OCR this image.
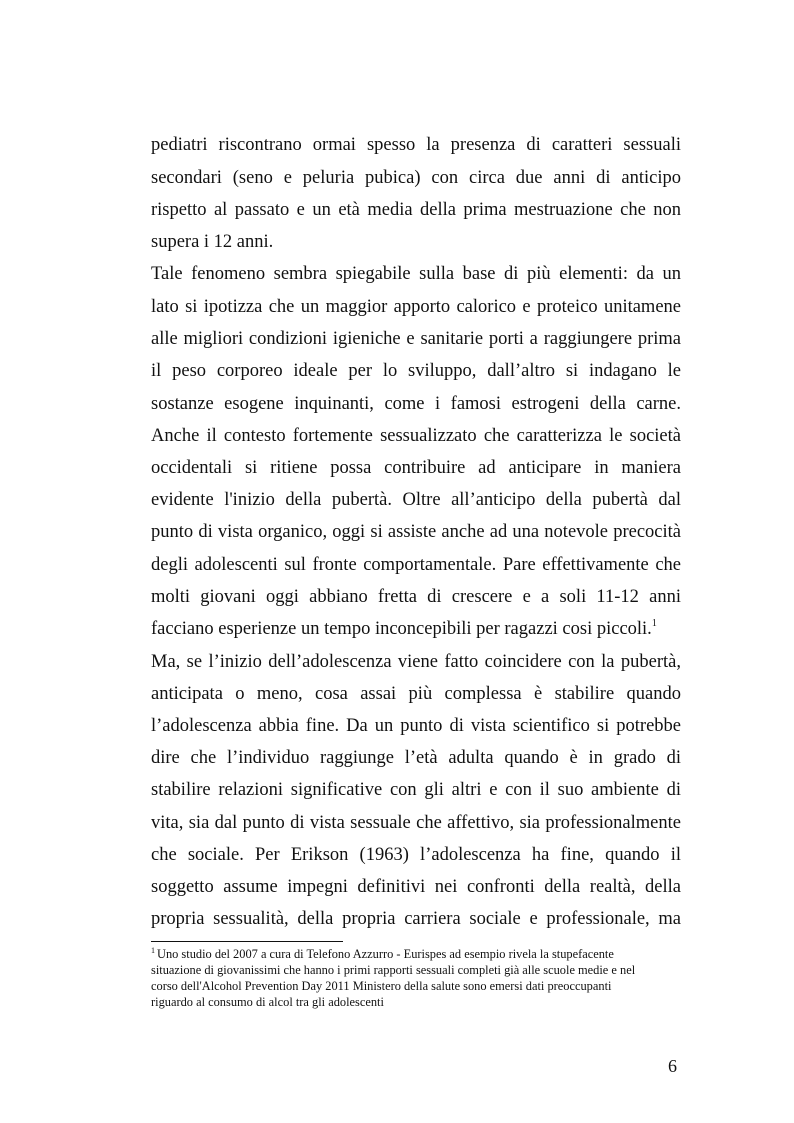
pediatri riscontrano ormai spesso la presenza di caratteri sessuali
secondari (seno e peluria pubica) con circa due anni di anticipo
rispetto al passato e un età media della prima mestruazione che non
supera i 12 anni.
Tale fenomeno sembra spiegabile sulla base di più elementi: da un
lato si ipotizza che un maggior apporto calorico e proteico unitamene
alle migliori condizioni igieniche e sanitarie porti a raggiungere prima
il peso corporeo ideale per lo sviluppo, dall’altro si indagano le
sostanze esogene inquinanti, come i famosi estrogeni della carne.
Anche il contesto fortemente sessualizzato che caratterizza le società
occidentali si ritiene possa contribuire ad anticipare in maniera
evidente l'inizio della pubertà. Oltre all’anticipo della pubertà dal
punto di vista organico, oggi si assiste anche ad una notevole precocità
degli adolescenti sul fronte comportamentale. Pare effettivamente che
molti giovani oggi abbiano fretta di crescere e a soli 11-12 anni
facciano esperienze un tempo inconcepibili per ragazzi cosi piccoli.$^1$
Ma, se l’inizio dell’adolescenza viene fatto coincidere con la pubertà,
anticipata o meno, cosa assai più complessa è stabilire quando
l’adolescenza abbia fine. Da un punto di vista scientifico si potrebbe
dire che l’individuo raggiunge l’età adulta quando è in grado di
stabilire relazioni significative con gli altri e con il suo ambiente di
vita, sia dal punto di vista sessuale che affettivo, sia professionalmente
che sociale. Per Erikson (1963) l’adolescenza ha fine, quando il
soggetto assume impegni definitivi nei confronti della realtà, della
propria sessualità, della propria carriera sociale e professionale, ma
$^1$ Uno studio del 2007 a cura di Telefono Azzurro - Eurispes ad esempio rivela la stupefacente
situazione di giovanissimi che hanno i primi rapporti sessuali completi già alle scuole medie e nel
corso dell'Alcohol Prevention Day 2011 Ministero della salute sono emersi dati preoccupanti
riguardo al consumo di alcol tra gli adolescenti
6
